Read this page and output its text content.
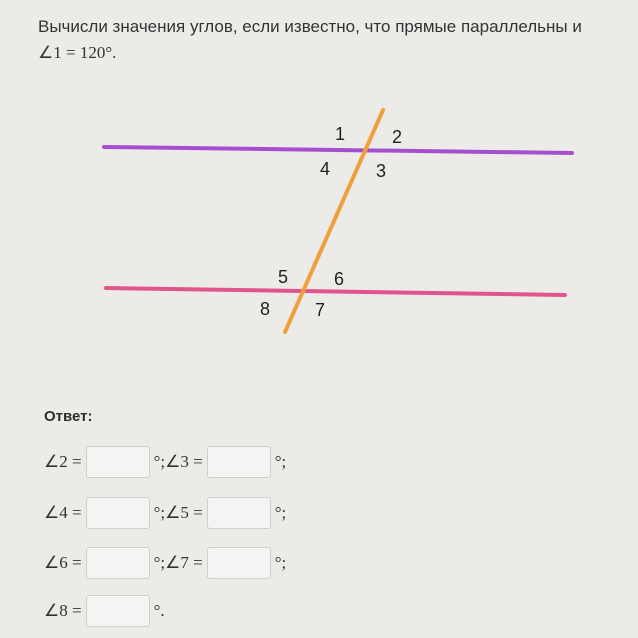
Вычисли значения углов, если известно, что прямые параллельны и
∠1 = 120°.
1	2
3
4
5	6
7
8
Ответ:
∠2 =	°; ∠3 =	°;
∠4 =	°; ∠5 =	°;
∠6 =	°; ∠7 =	°;
∠8 =	°.
